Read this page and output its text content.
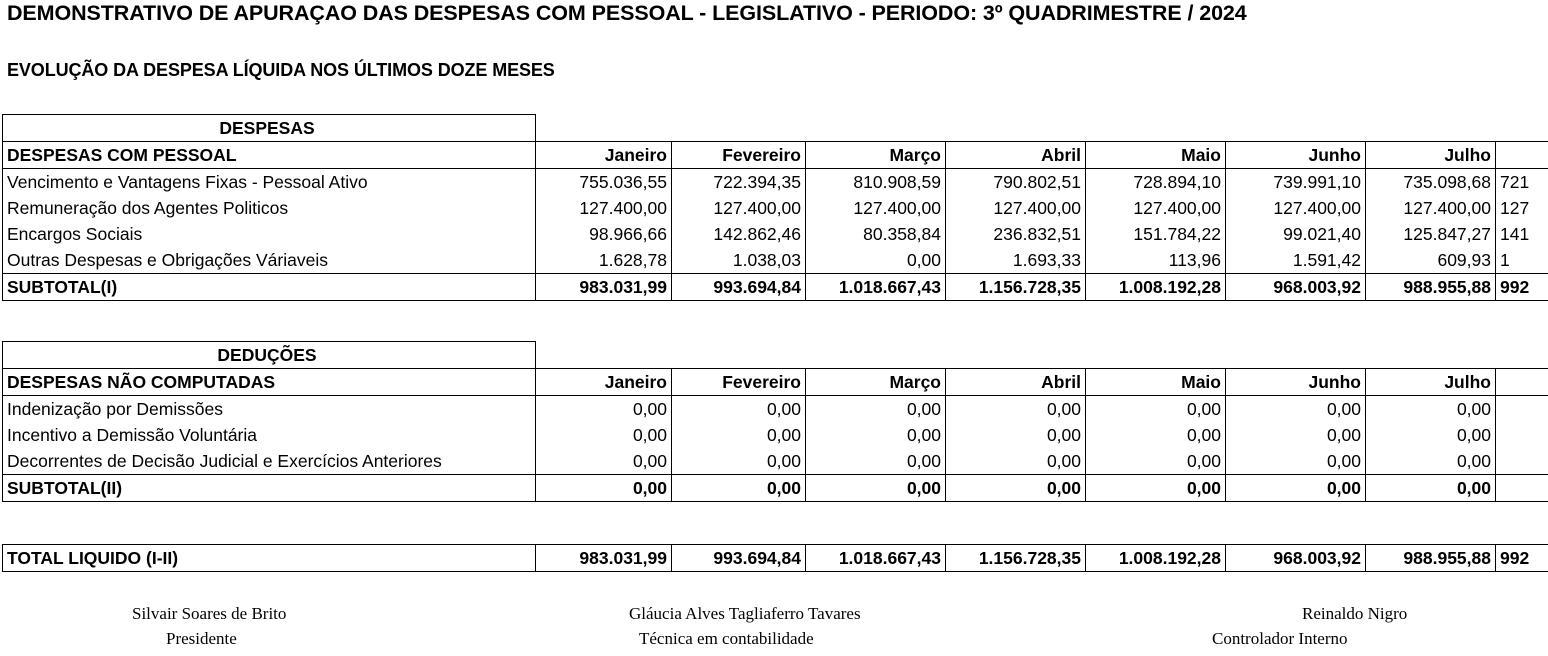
DEMONSTRATIVO DE APURAÇAO DAS DESPESAS COM PESSOAL - LEGISLATIVO - PERIODO: 3º QUADRIMESTRE / 2024
EVOLUÇÃO DA DESPESA LÍQUIDA NOS ÚLTIMOS DOZE MESES
DESPESAS								
DESPESAS COM PESSOAL	Janeiro	Fevereiro	Março	Abril	Maio	Junho	Julho	
Vencimento e Vantagens Fixas - Pessoal Ativo	755.036,55	722.394,35	810.908,59	790.802,51	728.894,10	739.991,10	735.098,68	721
Remuneração dos Agentes Politicos	127.400,00	127.400,00	127.400,00	127.400,00	127.400,00	127.400,00	127.400,00	127
Encargos Sociais	98.966,66	142.862,46	80.358,84	236.832,51	151.784,22	99.021,40	125.847,27	141
Outras Despesas e Obrigações Váriaveis	1.628,78	1.038,03	0,00	1.693,33	113,96	1.591,42	609,93	1
SUBTOTAL(I)	983.031,99	993.694,84	1.018.667,43	1.156.728,35	1.008.192,28	968.003,92	988.955,88	992
DEDUÇÕES								
DESPESAS NÃO COMPUTADAS	Janeiro	Fevereiro	Março	Abril	Maio	Junho	Julho	
Indenização por Demissões	0,00	0,00	0,00	0,00	0,00	0,00	0,00	
Incentivo a Demissão Voluntária	0,00	0,00	0,00	0,00	0,00	0,00	0,00	
Decorrentes de Decisão Judicial e Exercícios Anteriores	0,00	0,00	0,00	0,00	0,00	0,00	0,00	
SUBTOTAL(II)	0,00	0,00	0,00	0,00	0,00	0,00	0,00	
TOTAL LIQUIDO (I-II)	983.031,99	993.694,84	1.018.667,43	1.156.728,35	1.008.192,28	968.003,92	988.955,88	992
Silvair Soares de Brito
Presidente
Gláucia Alves Tagliaferro Tavares
Técnica em contabilidade
Reinaldo Nigro
Controlador Interno
